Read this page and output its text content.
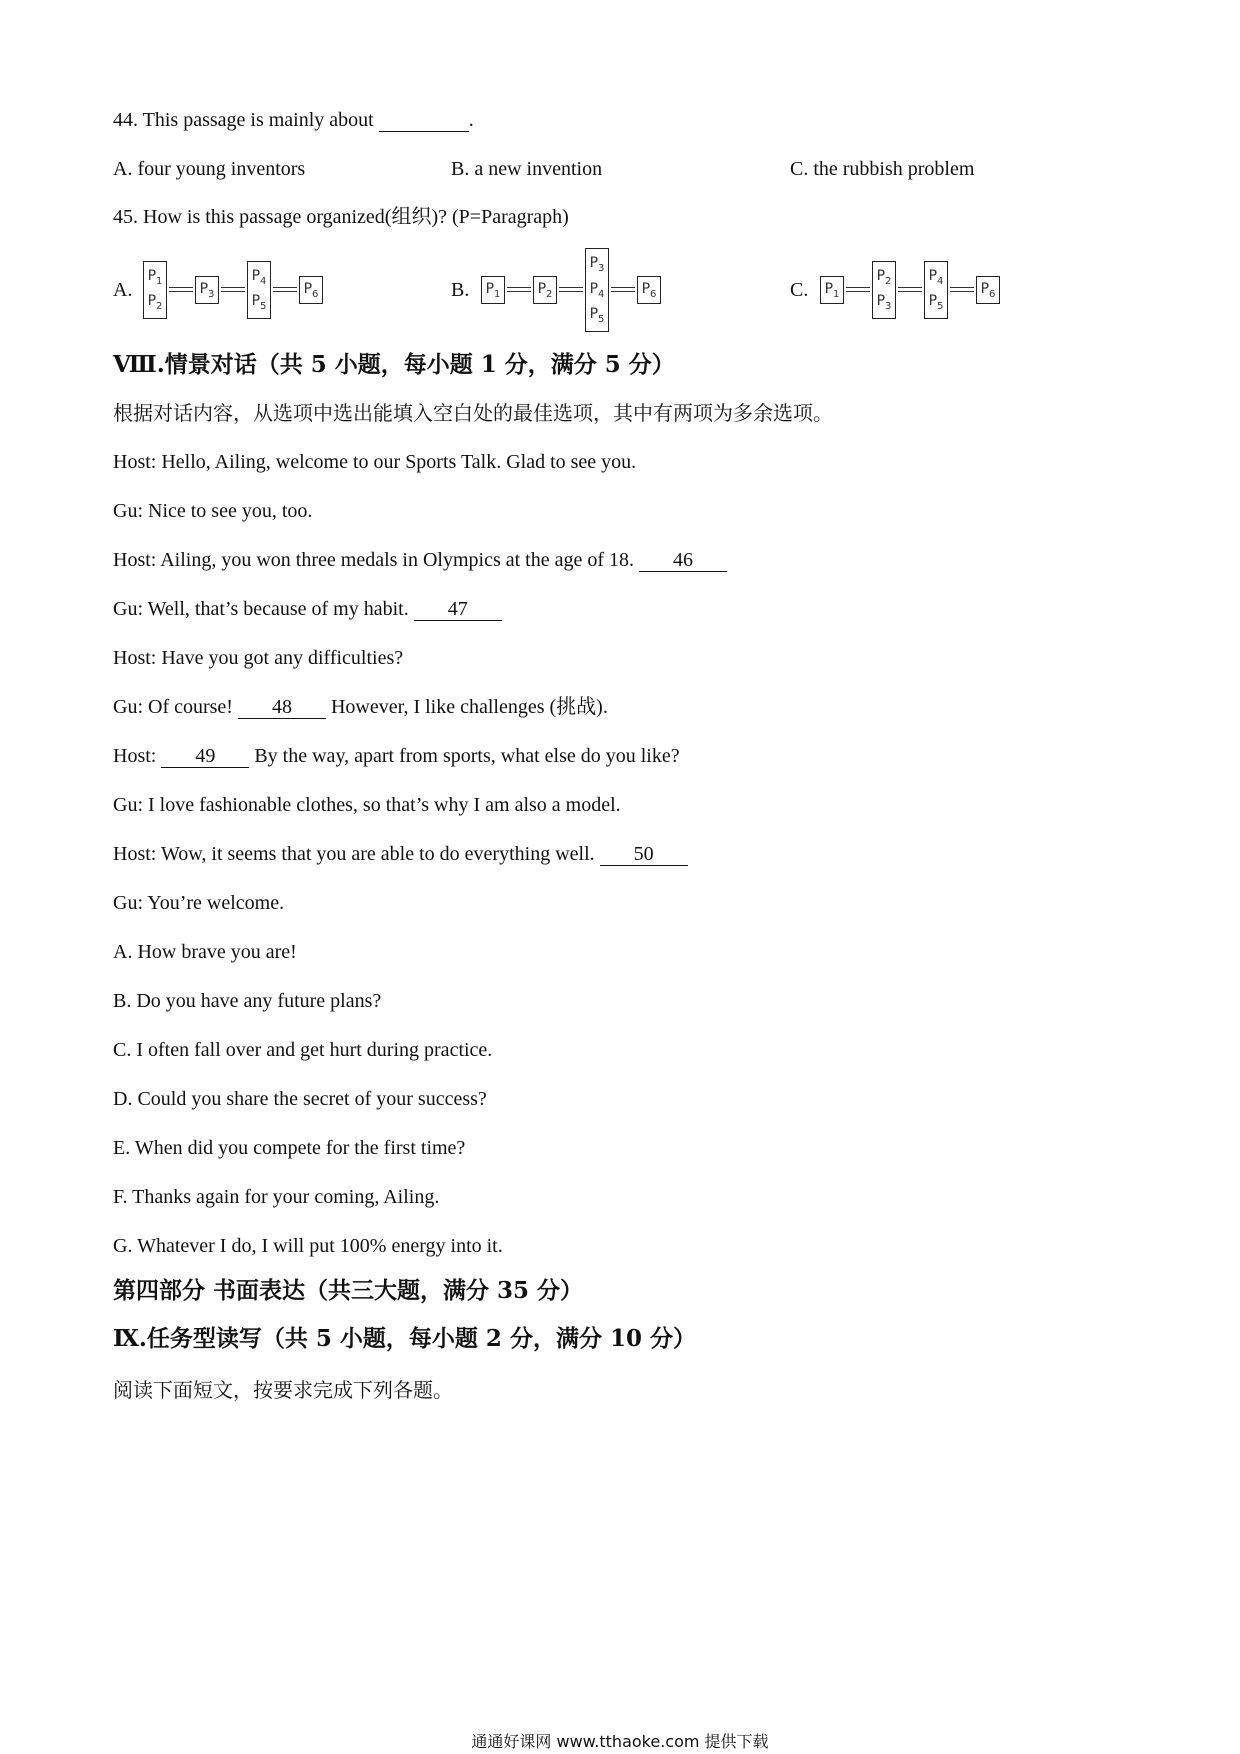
44. This passage is mainly about	.
A. four young inventors	B. a new invention	C. the rubbish problem
45. How is this passage organized(组织)? (P=Paragraph)
A.
$P_1$
$P_2$
$P_3$
$P_4$
$P_5$
$P_6$	B. $P_1$	$P_2$
$P_3$
$P_4$
$P_5$
$P_6$	C. $P_1$
$P_2$
$P_3$
$P_4$
$P_5$
$P_6$
Ⅷ.情景对话（共 5 小题，每小题 1 分，满分 5 分）
根据对话内容，从选项中选出能填入空白处的最佳选项，其中有两项为多余选项。
Host: Hello, Ailing, welcome to our Sports Talk. Glad to see you.
Gu: Nice to see you, too.
Host: Ailing, you won three medals in Olympics at the age of 18. 46
Gu: Well, that’s because of my habit. 47
Host: Have you got any difficulties?
Gu: Of course! 48 However, I like challenges (挑战).
Host: 49 By the way, apart from sports, what else do you like?
Gu: I love fashionable clothes, so that’s why I am also a model.
Host: Wow, it seems that you are able to do everything well. 50
Gu: You’re welcome.
A. How brave you are!
B. Do you have any future plans?
C. I often fall over and get hurt during practice.
D. Could you share the secret of your success?
E. When did you compete for the first time?
F. Thanks again for your coming, Ailing.
G. Whatever I do, I will put 100% energy into it.
第四部分 书面表达（共三大题，满分 35 分）
Ⅸ.任务型读写（共 5 小题，每小题 2 分，满分 10 分）
阅读下面短文，按要求完成下列各题。
通通好课网 www.tthaoke.com 提供下载
